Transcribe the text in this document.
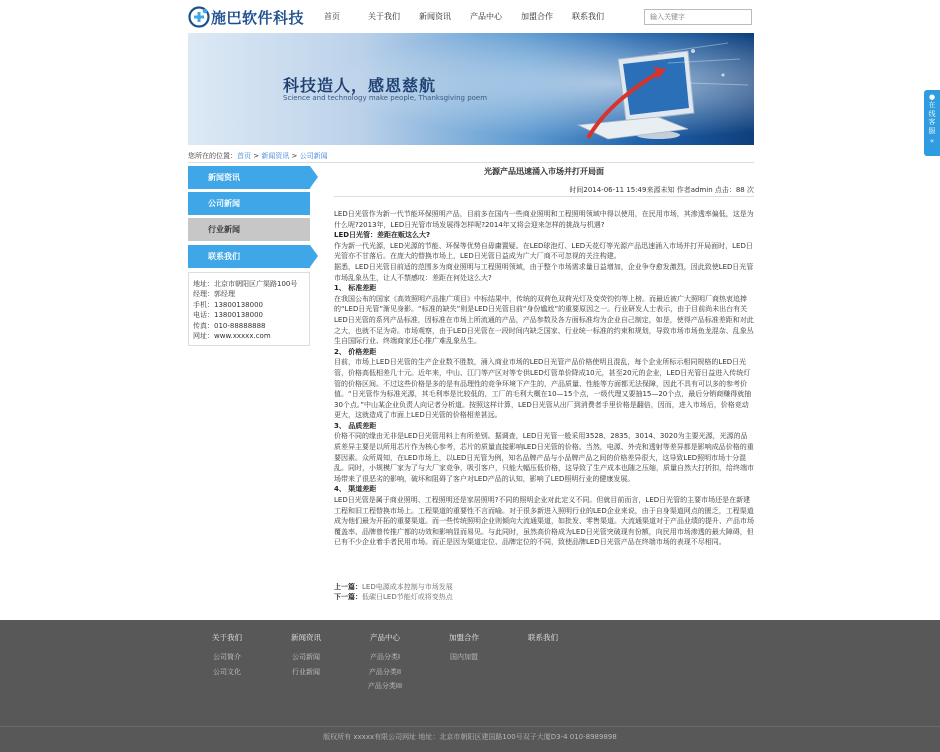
施巴软件科技 首页	关于我们 新闻资讯 产品中心 加盟合作 联系我们
输入关键字
科技造人，感恩慈航
Science and technology make people, Thanksgiving poem
您所在的位置：首页 > 新闻资讯 > 公司新闻
新闻资讯
公司新闻
行业新闻
联系我们
地址：北京市朝阳区广渠路100号
经理：郭经理
手机：13800138000
电话：13800138000
传真：010-88888888
网址：www.xxxxx.com
光源产品迅速涌入市场并打开局面
时间2014-06-11 15:49来源未知 作者admin 点击：88 次

LED日光管作为新一代节能环保照明产品，目前多在国内一些商业照明和工程照明领域中得以使用，在民用市场，其渗透率偏低，这是为什么呢?2013年，LED日光管市场发展得怎样呢?2014年又将会迎来怎样的挑战与机遇?

LED日光管：差距在贩这么大?

作为新一代光源，LED光源的节能、环保等优势自毋庸置疑。在LED球泡灯、LED天花灯等光源产品迅速涌入市场并打开局面时，LED日光管亦不甘落后。在庞大的替换市场上，LED日光管日益成为广大厂商不可忽视的关注构建。

据悉，LED日光管目前适的范围多为商业照明与工程照明领域，由于整个市场需求量日益增加，企业争夺愈发激烈，因此致使LED日光管市场乱象丛生，让人不禁感叹：差距在何处这么大?

1、 标准差距

在我国公布的国家《高效照明产品推广项目》中标结果中，传统的双荷色双荷光灯及变荧钧钧等上榜。而最近被广大照明厂商热衷追捧的“LED日光管”渐见身影。“标准的缺失”则是LED日光管目前“身份尴尬”的重要原因之一。行业研发人士表示，由于目前尚未出台有关LED日光管的系列产品标准，因标准在市场上所流通的产品，产品参数及各方面标准均为企业自己制定，如是，使得产品标准差距和对此之大，也就不足为奇。市场观察，由于LED日光管在一段时间内缺乏国家、行业统一标准的约束和规划，导致市场市场鱼龙混杂、乱象丛生自国际行业、终端商家还心推广难乱象丛生。

2、 价格差距

目前，市场上LED日光管的生产企业数不胜数，涌入商业市场的LED日光管产品价格使明且混乱，每个企业所标示相同规格的LED日光管，价格高低相差几十元。近年来，中山、江门等产区对等专供LED灯管单价降成10元，甚至20元的企业，LED日光管日益进入传统灯管的价格区间。不过这些价格是多的是有品理性的竞争环境下产生的，产品质量、性能等方面都无法保障，因此不具有可以多的参考价值。“日光管作为标准光源，其毛利率是比较低的，工厂的毛利大概在10—15个点，一级代理又要抽15—20个点，最后分销商赚得就抽30个点。”中山某企业负责人向记者分析道。按照这样计算，LED日光管从出厂到消费者手里价格是翻倍，因而，进入市场后，价格竞动更大，这就造成了市面上LED日光管的价格相差甚远。

3、 品质差距

价格不同的缘由无非是LED日光管用料上有所差别。据调查，LED日光管一般采用3528、2835、3014、3020为主要光源，光源的品质差异主要是以所用芯片作为核心参考，芯片的质量直接影响LED日光管的价格。当然，电源、外壳和透射等差异都是影响成品价格的重要因素。众所周知，在LED市场上，以LED日光管为例，知名品牌产品与小品牌产品之间的价格差异很大，这导致LED照明市场十分混乱。同时，小规模厂家为了与大厂家竞争，吸引客户，只能大幅压低价格，这导致了生产成本也随之压缩，质量自然大打折扣，给终端市场带来了很恶劣的影响，破坏和阻碍了客户对LED产品的认知，影响了LED照明行业的健康发展。

4、 渠道差距

LED日光管是属于商业照明、工程照明还是家居照明?不同的照明企业对此定义不同。但就目前而言，LED日光管的主要市场还是在新建工程和旧工程替换市场上。工程渠道的重要性不言而喻。对于很多新进入照明行业的LED企业来说，由于自身渠道网点的匮乏，工程渠道成为他们最为开拓的重要渠道。而一些传统照明企业则倾向大流通渠道，如批发、零售渠道。大流通渠道对于产品业绩的提升、产品市场覆盖率、品牌曾传推广都的功效和影响显而易见。与此同时，虽然高价格成为LED日光管突破现有份额，向民用市场渗透的最大障碍，但已有不少企业着手者民用市场。而正是因为渠道定位、品牌定位的不同，致使品牌LED日光管产品在终端市场的表现不尽相同。

上一篇：LED电源成本控制与市场发展
下一篇：低碳日LED节能灯或将变热点
关于我们
公司简介
公司文化
新闻资讯
公司新闻
行业新闻
产品中心
产品分类I
产品分类II
产品分类III
加盟合作
国内加盟
联系我们
版权所有 xxxxx有限公司网址 地址：北京市朝阳区建国路100号双子大厦D3-4 010-8989898
●
在线客服
«
